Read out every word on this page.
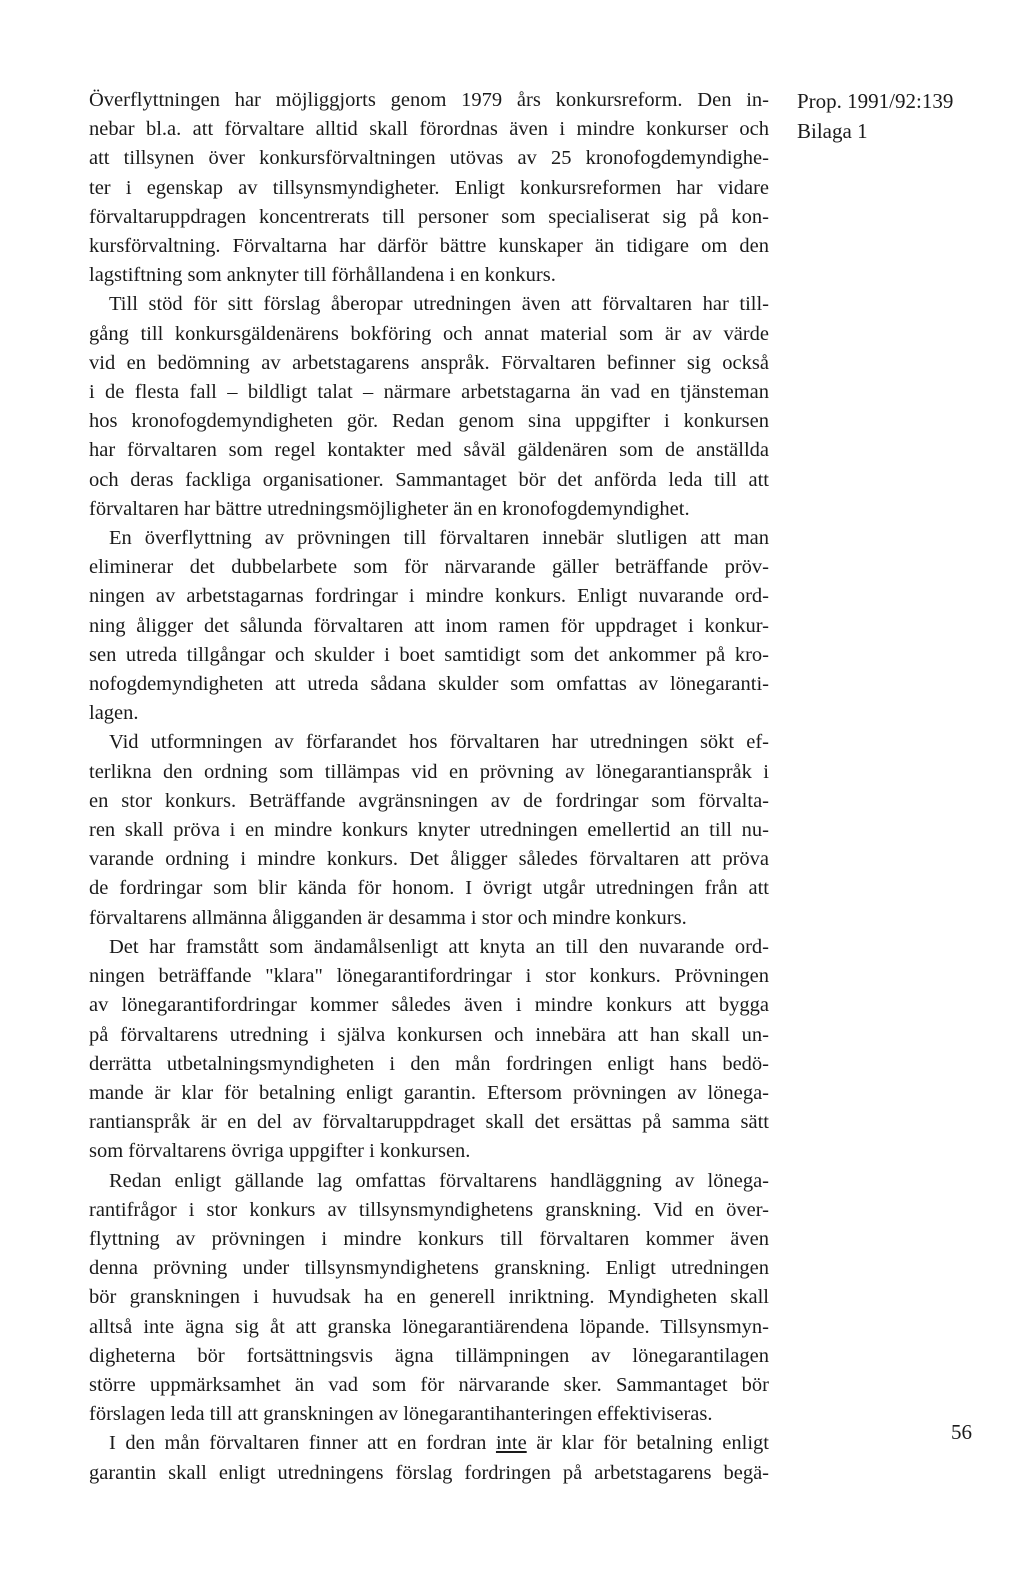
Överflyttningen har möjliggjorts genom 1979 års konkursreform. Den in-
nebar bl.a. att förvaltare alltid skall förordnas även i mindre konkurser och
att tillsynen över konkursförvaltningen utövas av 25 kronofogdemyndighe-
ter i egenskap av tillsynsmyndigheter. Enligt konkursreformen har vidare
förvaltaruppdragen koncentrerats till personer som specialiserat sig på kon-
kursförvaltning. Förvaltarna har därför bättre kunskaper än tidigare om den
lagstiftning som anknyter till förhållandena i en konkurs.
Till stöd för sitt förslag åberopar utredningen även att förvaltaren har till-
gång till konkursgäldenärens bokföring och annat material som är av värde
vid en bedömning av arbetstagarens anspråk. Förvaltaren befinner sig också
i de flesta fall – bildligt talat – närmare arbetstagarna än vad en tjänsteman
hos kronofogdemyndigheten gör. Redan genom sina uppgifter i konkursen
har förvaltaren som regel kontakter med såväl gäldenären som de anställda
och deras fackliga organisationer. Sammantaget bör det anförda leda till att
förvaltaren har bättre utredningsmöjligheter än en kronofogdemyndighet.
En överflyttning av prövningen till förvaltaren innebär slutligen att man
eliminerar det dubbelarbete som för närvarande gäller beträffande pröv-
ningen av arbetstagarnas fordringar i mindre konkurs. Enligt nuvarande ord-
ning åligger det sålunda förvaltaren att inom ramen för uppdraget i konkur-
sen utreda tillgångar och skulder i boet samtidigt som det ankommer på kro-
nofogdemyndigheten att utreda sådana skulder som omfattas av lönegaranti-
lagen.
Vid utformningen av förfarandet hos förvaltaren har utredningen sökt ef-
terlikna den ordning som tillämpas vid en prövning av lönegarantianspråk i
en stor konkurs. Beträffande avgränsningen av de fordringar som förvalta-
ren skall pröva i en mindre konkurs knyter utredningen emellertid an till nu-
varande ordning i mindre konkurs. Det åligger således förvaltaren att pröva
de fordringar som blir kända för honom. I övrigt utgår utredningen från att
förvaltarens allmänna åligganden är desamma i stor och mindre konkurs.
Det har framstått som ändamålsenligt att knyta an till den nuvarande ord-
ningen beträffande "klara" lönegarantifordringar i stor konkurs. Prövningen
av lönegarantifordringar kommer således även i mindre konkurs att bygga
på förvaltarens utredning i själva konkursen och innebära att han skall un-
derrätta utbetalningsmyndigheten i den mån fordringen enligt hans bedö-
mande är klar för betalning enligt garantin. Eftersom prövningen av lönega-
rantianspråk är en del av förvaltaruppdraget skall det ersättas på samma sätt
som förvaltarens övriga uppgifter i konkursen.
Redan enligt gällande lag omfattas förvaltarens handläggning av lönega-
rantifrågor i stor konkurs av tillsynsmyndighetens granskning. Vid en över-
flyttning av prövningen i mindre konkurs till förvaltaren kommer även
denna prövning under tillsynsmyndighetens granskning. Enligt utredningen
bör granskningen i huvudsak ha en generell inriktning. Myndigheten skall
alltså inte ägna sig åt att granska lönegarantiärendena löpande. Tillsynsmyn-
digheterna bör fortsättningsvis ägna tillämpningen av lönegarantilagen
större uppmärksamhet än vad som för närvarande sker. Sammantaget bör
förslagen leda till att granskningen av lönegarantihanteringen effektiviseras.
I den mån förvaltaren finner att en fordran inte är klar för betalning enligt
garantin skall enligt utredningens förslag fordringen på arbetstagarens begä-
Prop. 1991/92:139
Bilaga 1
56
